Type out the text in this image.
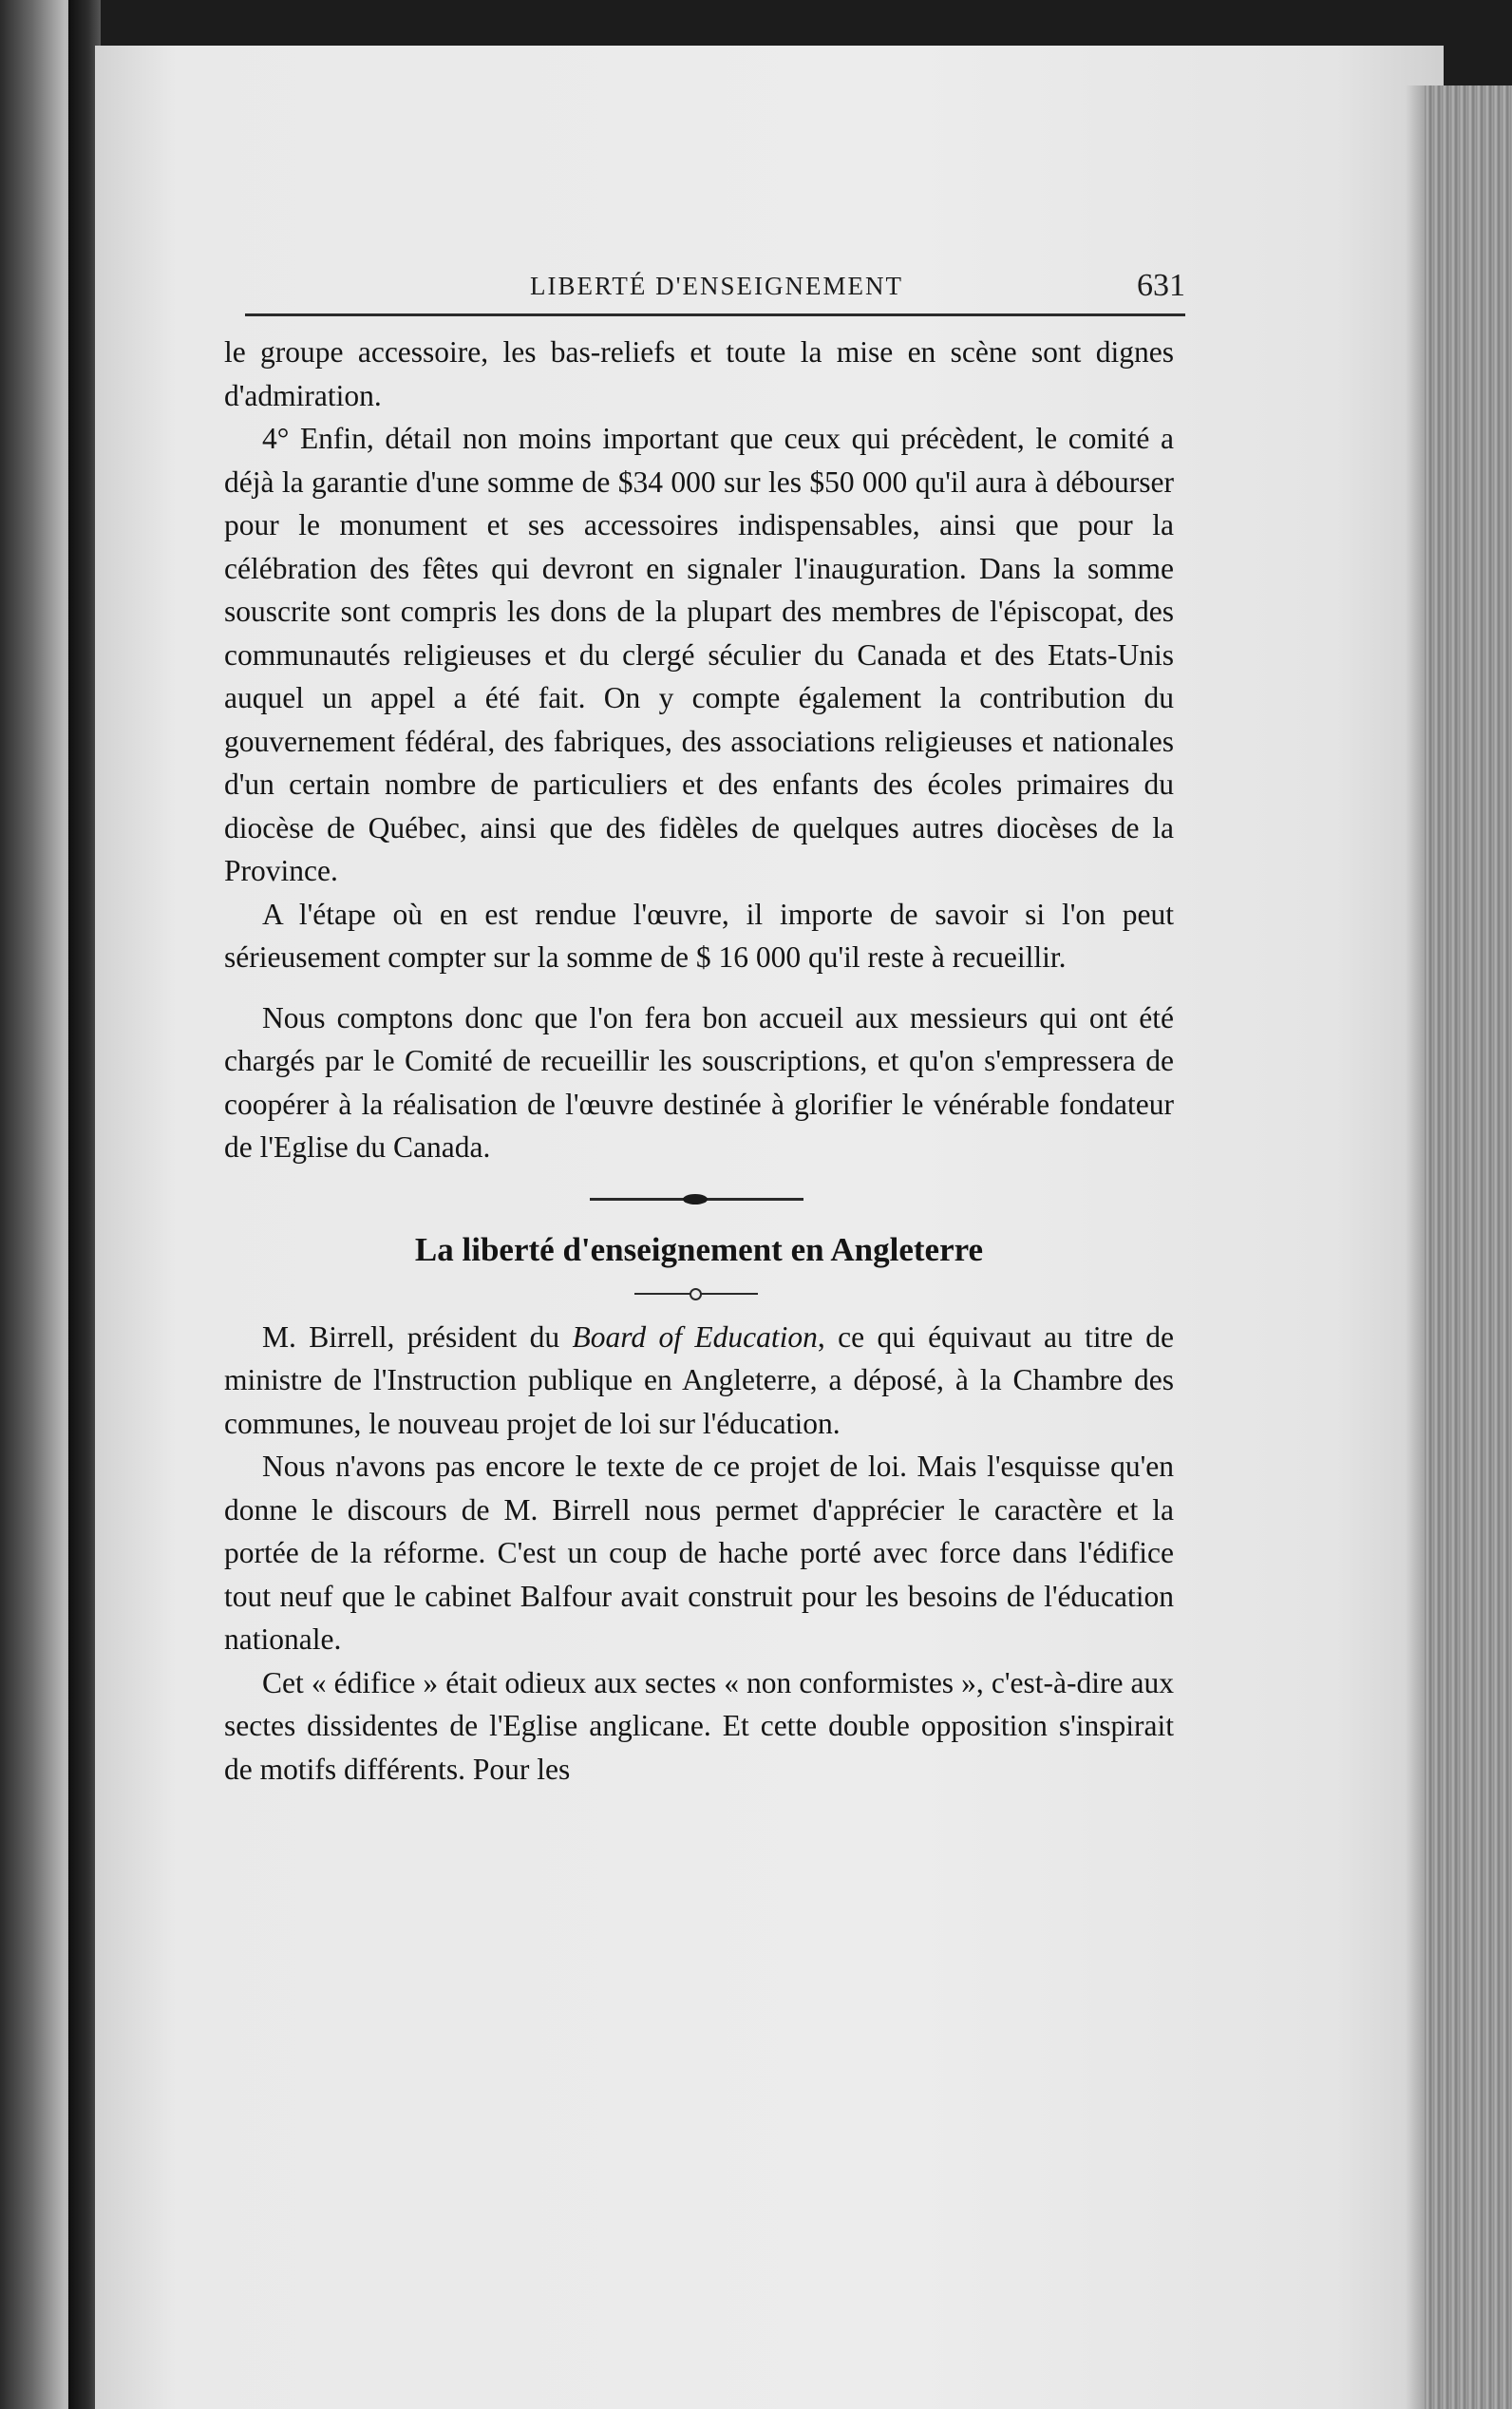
LIBERTÉ D'ENSEIGNEMENT	631

le groupe accessoire, les bas-reliefs et toute la mise en scène sont dignes d'admiration.

4° Enfin, détail non moins important que ceux qui précèdent, le comité a déjà la garantie d'une somme de $34 000 sur les $50 000 qu'il aura à débourser pour le monument et ses accessoires indispensables, ainsi que pour la célébration des fêtes qui devront en signaler l'inauguration. Dans la somme souscrite sont compris les dons de la plupart des membres de l'épiscopat, des communautés religieuses et du clergé séculier du Canada et des Etats-Unis auquel un appel a été fait. On y compte également la contribution du gouvernement fédéral, des fabriques, des associations religieuses et nationales d'un certain nombre de particuliers et des enfants des écoles primaires du diocèse de Québec, ainsi que des fidèles de quelques autres diocèses de la Province.

A l'étape où en est rendue l'œuvre, il importe de savoir si l'on peut sérieusement compter sur la somme de $ 16 000 qu'il reste à recueillir.

Nous comptons donc que l'on fera bon accueil aux messieurs qui ont été chargés par le Comité de recueillir les souscriptions, et qu'on s'empressera de coopérer à la réalisation de l'œuvre destinée à glorifier le vénérable fondateur de l'Eglise du Canada.

La liberté d'enseignement en Angleterre

M. Birrell, président du Board of Education, ce qui équivaut au titre de ministre de l'Instruction publique en Angleterre, a déposé, à la Chambre des communes, le nouveau projet de loi sur l'éducation.

Nous n'avons pas encore le texte de ce projet de loi. Mais l'esquisse qu'en donne le discours de M. Birrell nous permet d'apprécier le caractère et la portée de la réforme. C'est un coup de hache porté avec force dans l'édifice tout neuf que le cabinet Balfour avait construit pour les besoins de l'éducation nationale.

Cet « édifice » était odieux aux sectes « non conformistes », c'est-à-dire aux sectes dissidentes de l'Eglise anglicane. Et cette double opposition s'inspirait de motifs différents. Pour les
